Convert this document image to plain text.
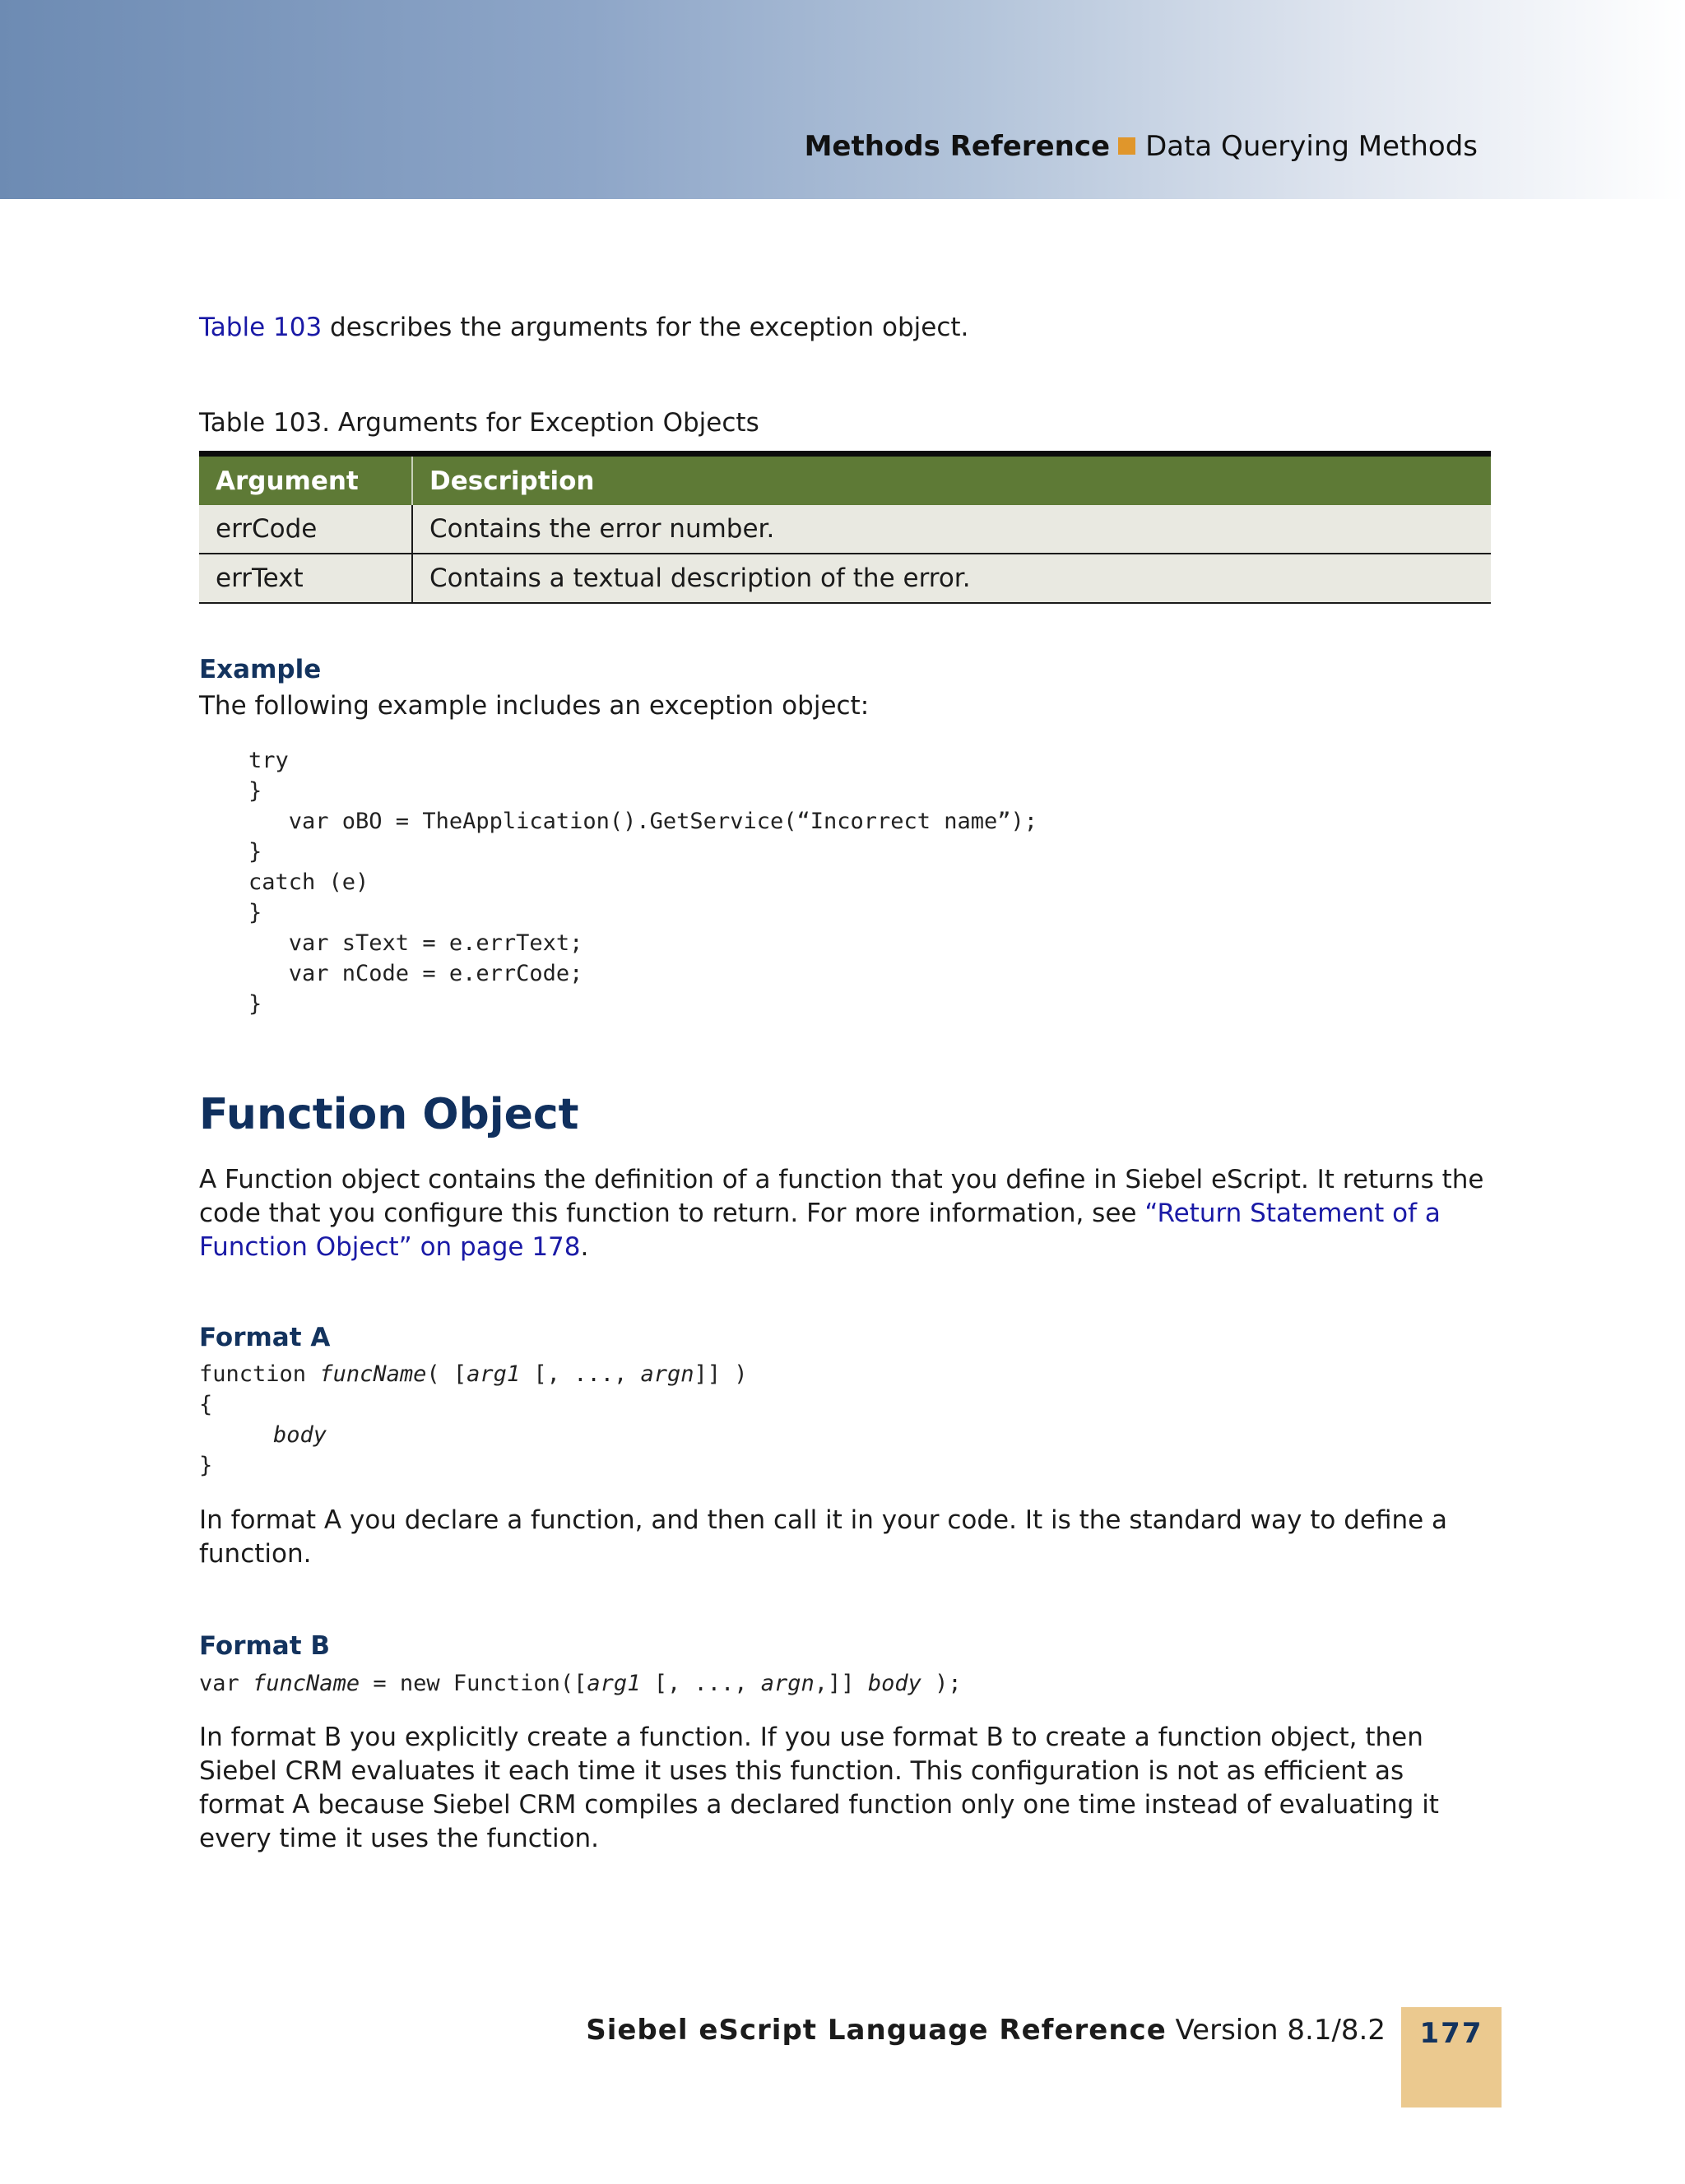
Methods Reference Data Querying Methods
Table 103 describes the arguments for the exception object.
Table 103. Arguments for Exception Objects
Argument	Description
errCode	Contains the error number.
errText	Contains a textual description of the error.
Example
The following example includes an exception object:
try
}
var oBO = TheApplication().GetService(“Incorrect name”);
}
catch (e)
}
var sText = e.errText;
var nCode = e.errCode;
}
Function Object
A Function object contains the definition of a function that you define in Siebel eScript. It returns the code that you configure this function to return. For more information, see “Return Statement of a Function Object” on page 178.
Format A
function funcName( [arg1 [, ..., argn]] )
{
body
}
In format A you declare a function, and then call it in your code. It is the standard way to define a function.
Format B
var funcName = new Function([arg1 [, ..., argn,]] body );
In format B you explicitly create a function. If you use format B to create a function object, then Siebel CRM evaluates it each time it uses this function. This configuration is not as efficient as format A because Siebel CRM compiles a declared function only one time instead of evaluating it every time it uses the function.
Siebel eScript Language Reference Version 8.1/8.2	177
